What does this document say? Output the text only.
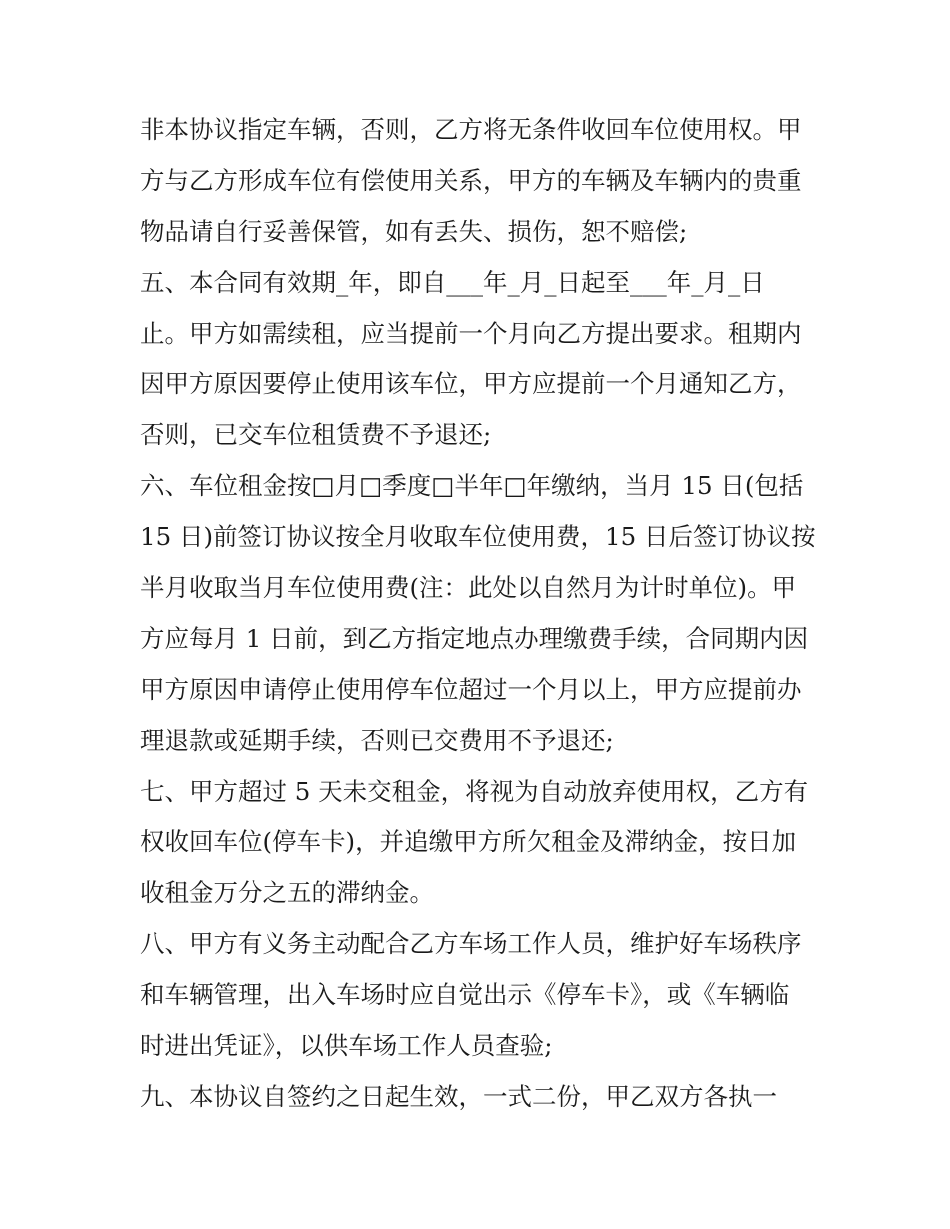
非本协议指定车辆，否则，乙方将无条件收回车位使用权。甲
方与乙方形成车位有偿使用关系，甲方的车辆及车辆内的贵重
物品请自行妥善保管，如有丢失、损伤，恕不赔偿;
五、本合同有效期_年，即自___年_月_日起至___年_月_日
止。甲方如需续租，应当提前一个月向乙方提出要求。租期内
因甲方原因要停止使用该车位，甲方应提前一个月通知乙方，
否则，已交车位租赁费不予退还;
六、车位租金按□月□季度□半年□年缴纳，当月 15 日(包括
15 日)前签订协议按全月收取车位使用费，15 日后签订协议按
半月收取当月车位使用费(注：此处以自然月为计时单位)。甲
方应每月 1 日前，到乙方指定地点办理缴费手续，合同期内因
甲方原因申请停止使用停车位超过一个月以上，甲方应提前办
理退款或延期手续，否则已交费用不予退还;
七、甲方超过 5 天未交租金，将视为自动放弃使用权，乙方有
权收回车位(停车卡)，并追缴甲方所欠租金及滞纳金，按日加
收租金万分之五的滞纳金。
八、甲方有义务主动配合乙方车场工作人员，维护好车场秩序
和车辆管理，出入车场时应自觉出示《停车卡》，或《车辆临
时进出凭证》，以供车场工作人员查验;
九、本协议自签约之日起生效，一式二份，甲乙双方各执一
